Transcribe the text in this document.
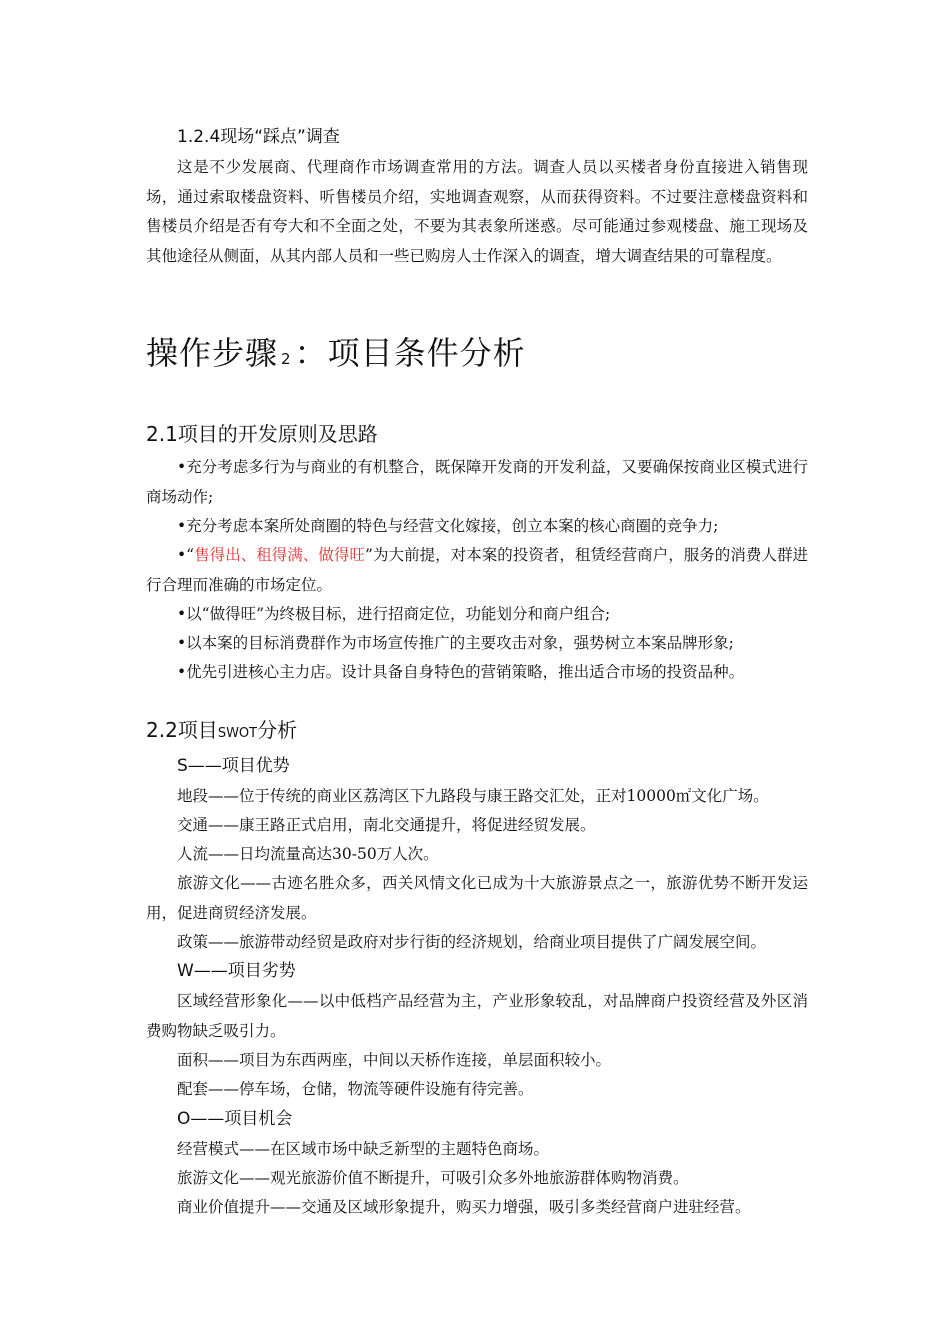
1.2.4现场“踩点”调查

这是不少发展商、代理商作市场调查常用的方法。调查人员以买楼者身份直接进入销售现场，通过索取楼盘资料、听售楼员介绍，实地调查观察，从而获得资料。不过要注意楼盘资料和售楼员介绍是否有夸大和不全面之处，不要为其表象所迷惑。尽可能通过参观楼盘、施工现场及其他途径从侧面，从其内部人员和一些已购房人士作深入的调查，增大调查结果的可靠程度。

操作步骤 2：项目条件分析
2.1项目的开发原则及思路

•充分考虑多行为与商业的有机整合，既保障开发商的开发利益，又要确保按商业区模式进行商场动作;

•充分考虑本案所处商圈的特色与经营文化嫁接，创立本案的核心商圈的竞争力;

•“售得出、租得满、做得旺”为大前提，对本案的投资者，租赁经营商户，服务的消费人群进行合理而准确的市场定位。

•以“做得旺”为终极目标，进行招商定位，功能划分和商户组合;

•以本案的目标消费群作为市场宣传推广的主要攻击对象，强势树立本案品牌形象;

•优先引进核心主力店。设计具备自身特色的营销策略，推出适合市场的投资品种。

2.2项目SWOT分析
S——项目优势

地段——位于传统的商业区荔湾区下九路段与康王路交汇处，正对10000㎡文化广场。

交通——康王路正式启用，南北交通提升，将促进经贸发展。

人流——日均流量高达30-50万人次。

旅游文化——古迹名胜众多，西关风情文化已成为十大旅游景点之一，旅游优势不断开发运用，促进商贸经济发展。

政策——旅游带动经贸是政府对步行街的经济规划，给商业项目提供了广阔发展空间。

W——项目劣势

区域经营形象化——以中低档产品经营为主，产业形象较乱，对品牌商户投资经营及外区消费购物缺乏吸引力。

面积——项目为东西两座，中间以天桥作连接，单层面积较小。

配套——停车场，仓储，物流等硬件设施有待完善。

O——项目机会

经营模式——在区域市场中缺乏新型的主题特色商场。

旅游文化——观光旅游价值不断提升，可吸引众多外地旅游群体购物消费。

商业价值提升——交通及区域形象提升，购买力增强，吸引多类经营商户进驻经营。
